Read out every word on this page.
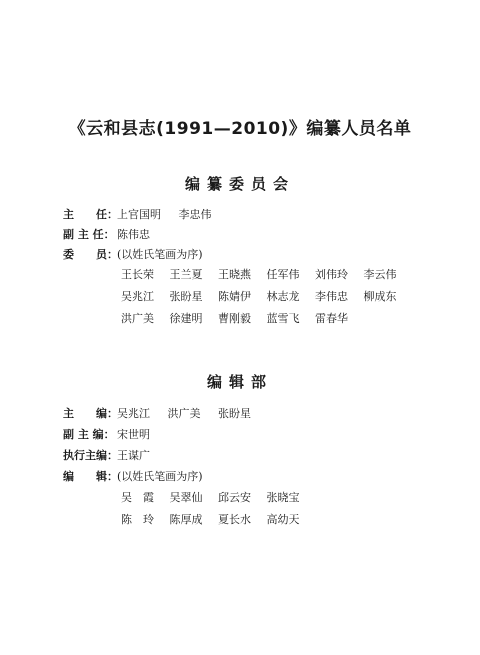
《云和县志(1991—2010)》编纂人员名单
编纂委员会
主　　任：上官国明 李忠伟
副 主 任： 陈伟忠
委　　员：(以姓氏笔画为序)
王长荣 王兰夏 王晓燕 任军伟 刘伟玲 李云伟
吴兆江 张盼星 陈婧伊 林志龙 李伟忠 柳成东
洪广美 徐建明 曹刚毅 蓝雪飞 雷春华
编辑部
主　　编：吴兆江 洪广美 张盼星
副 主 编： 宋世明
执行主编：王谋广
编　　辑：(以姓氏笔画为序)
吴　霞 吴翠仙 邱云安 张晓宝
陈　玲 陈厚成 夏长水 高幼天
